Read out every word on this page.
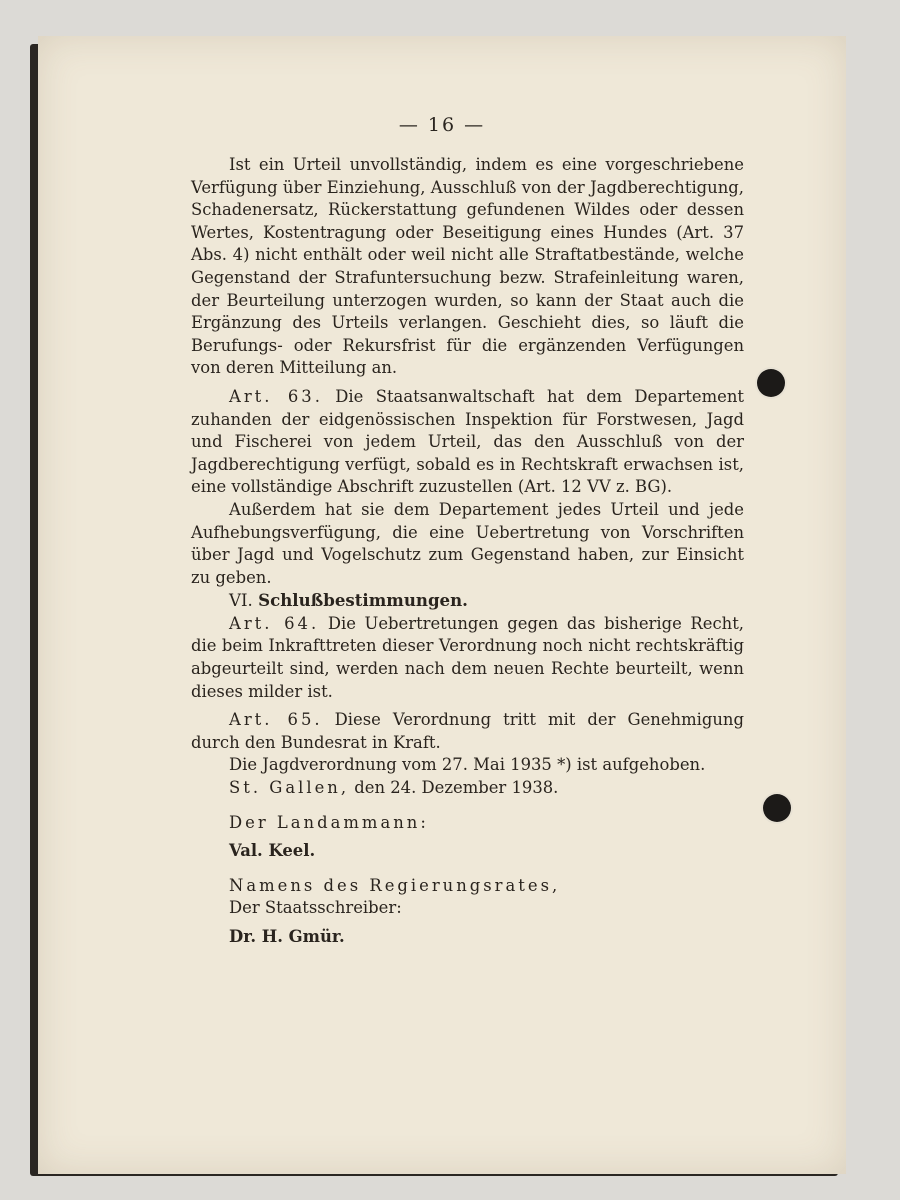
— 16 —

Ist ein Urteil unvollständig, indem es eine vorgeschriebene Verfügung über Einziehung, Ausschluß von der Jagdberechtigung, Schadenersatz, Rückerstattung gefundenen Wildes oder dessen Wertes, Kostentragung oder Beseitigung eines Hundes (Art. 37 Abs. 4) nicht enthält oder weil nicht alle Straftatbestände, welche Gegenstand der Strafuntersuchung bezw. Strafeinleitung waren, der Beurteilung unterzogen wurden, so kann der Staat auch die Ergänzung des Urteils verlangen. Geschieht dies, so läuft die Berufungs- oder Rekursfrist für die ergänzenden Verfügungen von deren Mitteilung an.

Art. 63. Die Staatsanwaltschaft hat dem Departement zuhanden der eidgenössischen Inspektion für Forstwesen, Jagd und Fischerei von jedem Urteil, das den Ausschluß von der Jagdberechtigung verfügt, sobald es in Rechtskraft erwachsen ist, eine vollständige Abschrift zuzustellen (Art. 12 VV z. BG).

Außerdem hat sie dem Departement jedes Urteil und jede Aufhebungsverfügung, die eine Uebertretung von Vorschriften über Jagd und Vogelschutz zum Gegenstand haben, zur Einsicht zu geben.

VI. Schlußbestimmungen.

Art. 64. Die Uebertretungen gegen das bisherige Recht, die beim Inkrafttreten dieser Verordnung noch nicht rechtskräftig abgeurteilt sind, werden nach dem neuen Rechte beurteilt, wenn dieses milder ist.

Art. 65. Diese Verordnung tritt mit der Genehmigung durch den Bundesrat in Kraft.

Die Jagdverordnung vom 27. Mai 1935 *) ist aufgehoben.

St. Gallen, den 24. Dezember 1938.

Der Landammann:

Val. Keel.

Namens des Regierungsrates,

Der Staatsschreiber:

Dr. H. Gmür.
